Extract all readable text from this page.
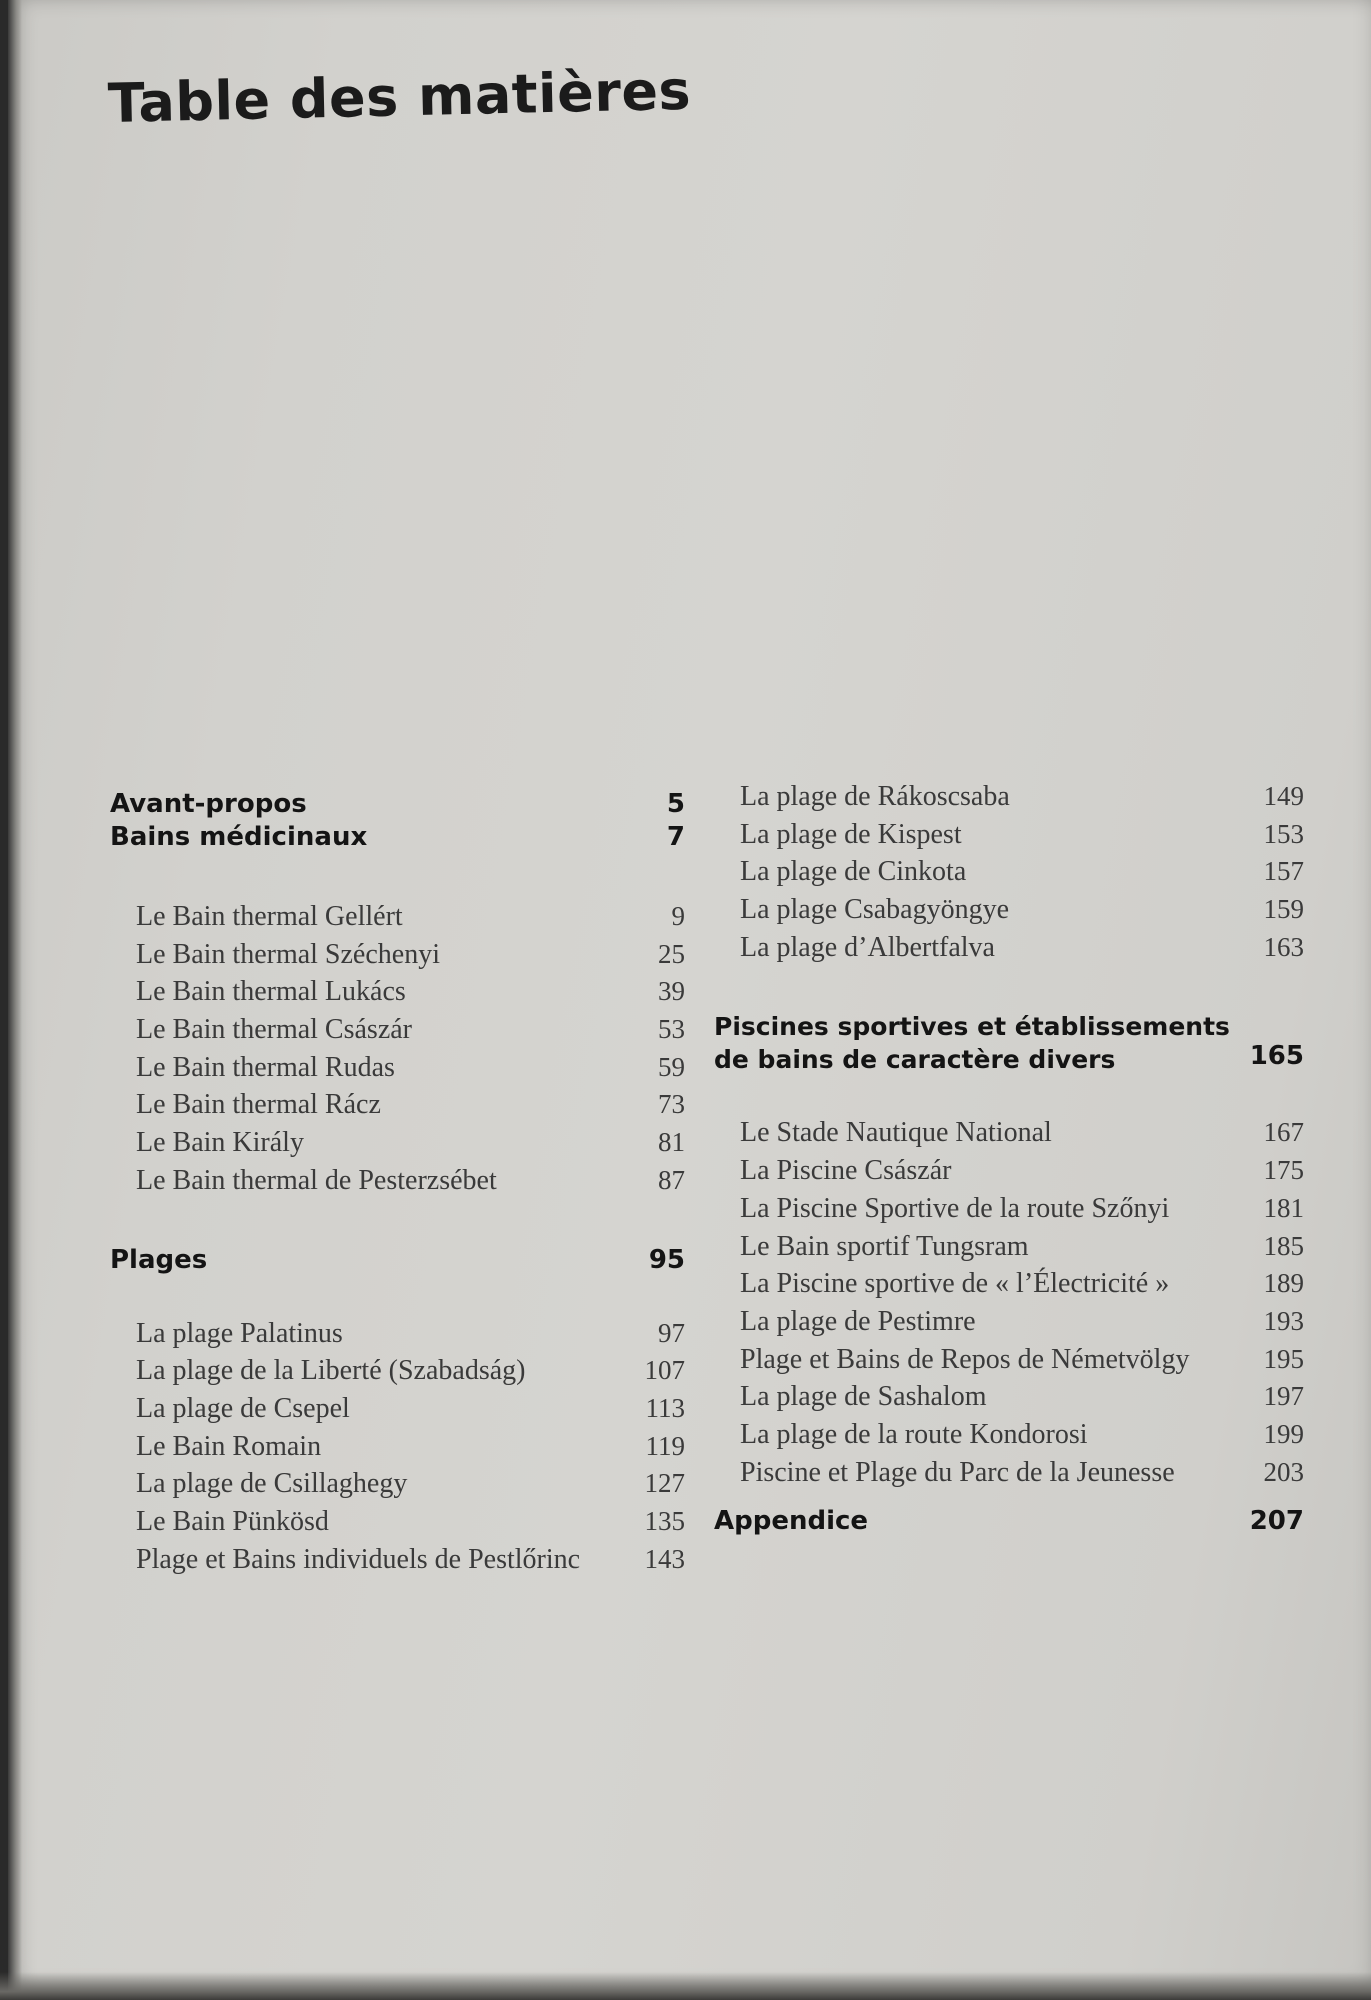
Table des matières
Avant-propos	5
Bains médicinaux	7
Le Bain thermal Gellért	9
Le Bain thermal Széchenyi	25
Le Bain thermal Lukács	39
Le Bain thermal Császár	53
Le Bain thermal Rudas	59
Le Bain thermal Rácz	73
Le Bain Király	81
Le Bain thermal de Pesterzsébet	87
Plages	95
La plage Palatinus	97
La plage de la Liberté (Szabadság)	107
La plage de Csepel	113
Le Bain Romain	119
La plage de Csillaghegy	127
Le Bain Pünkösd	135
Plage et Bains individuels de Pestlőrinc 143
La plage de Rákoscsaba	149
La plage de Kispest	153
La plage de Cinkota	157
La plage Csabagyöngye	159
La plage d’Albertfalva	163
Piscines sportives et établissements
de bains de caractère divers	165
Le Stade Nautique National	167
La Piscine Császár	175
La Piscine Sportive de la route Szőnyi	181
Le Bain sportif Tungsram	185
La Piscine sportive de « l’Électricité »	189
La plage de Pestimre	193
Plage et Bains de Repos de Németvölgy	195
La plage de Sashalom	197
La plage de la route Kondorosi	199
Piscine et Plage du Parc de la Jeunesse	203
Appendice	207
